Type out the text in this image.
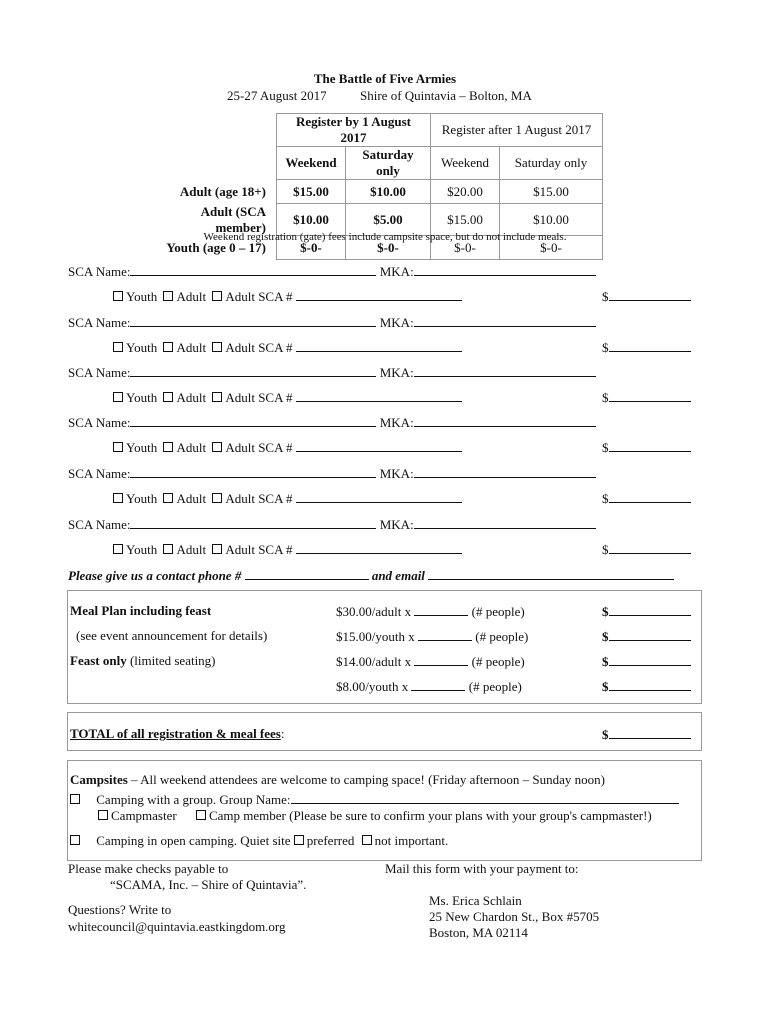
The Battle of Five Armies
25-27 August 2017	Shire of Quintavia – Bolton, MA
	Register by 1 August 2017		Register after 1 August 2017	
	Weekend	Saturday only	Weekend	Saturday only
Adult (age 18+)	$15.00	$10.00	$20.00	$15.00
Adult (SCA member)	$10.00	$5.00	$15.00	$10.00
Youth (age 0 – 17)	$-0-	$-0-	$-0-	$-0-
Weekend registration (gate) fees include campsite space, but do not include meals.
SCA Name:	MKA:
Youth Adult Adult SCA #	$
SCA Name:	MKA:
Youth Adult Adult SCA #	$
SCA Name:	MKA:
Youth Adult Adult SCA #	$
SCA Name:	MKA:
Youth Adult Adult SCA #	$
SCA Name:	MKA:
Youth Adult Adult SCA #	$
SCA Name:	MKA:
Youth Adult Adult SCA #	$
Please give us a contact phone #	and email
Meal Plan including feast
(see event announcement for details)
Feast only (limited seating)
$30.00/adult x	(# people)	$
$15.00/youth x	(# people)	$
$14.00/adult x	(# people)	$
$8.00/youth x	(# people)	$
TOTAL of all registration & meal fees:	$
Campsites – All weekend attendees are welcome to camping space! (Friday afternoon – Sunday noon)
Camping with a group. Group Name:
Campmaster Camp member (Please be sure to confirm your plans with your group's campmaster!)
Camping in open camping. Quiet site preferred not important.
Please make checks payable to
“SCAMA, Inc. – Shire of Quintavia”.
Questions? Write to
whitecouncil@quintavia.eastkingdom.org
Mail this form with your payment to:
Ms. Erica Schlain
25 New Chardon St., Box #5705
Boston, MA 02114
